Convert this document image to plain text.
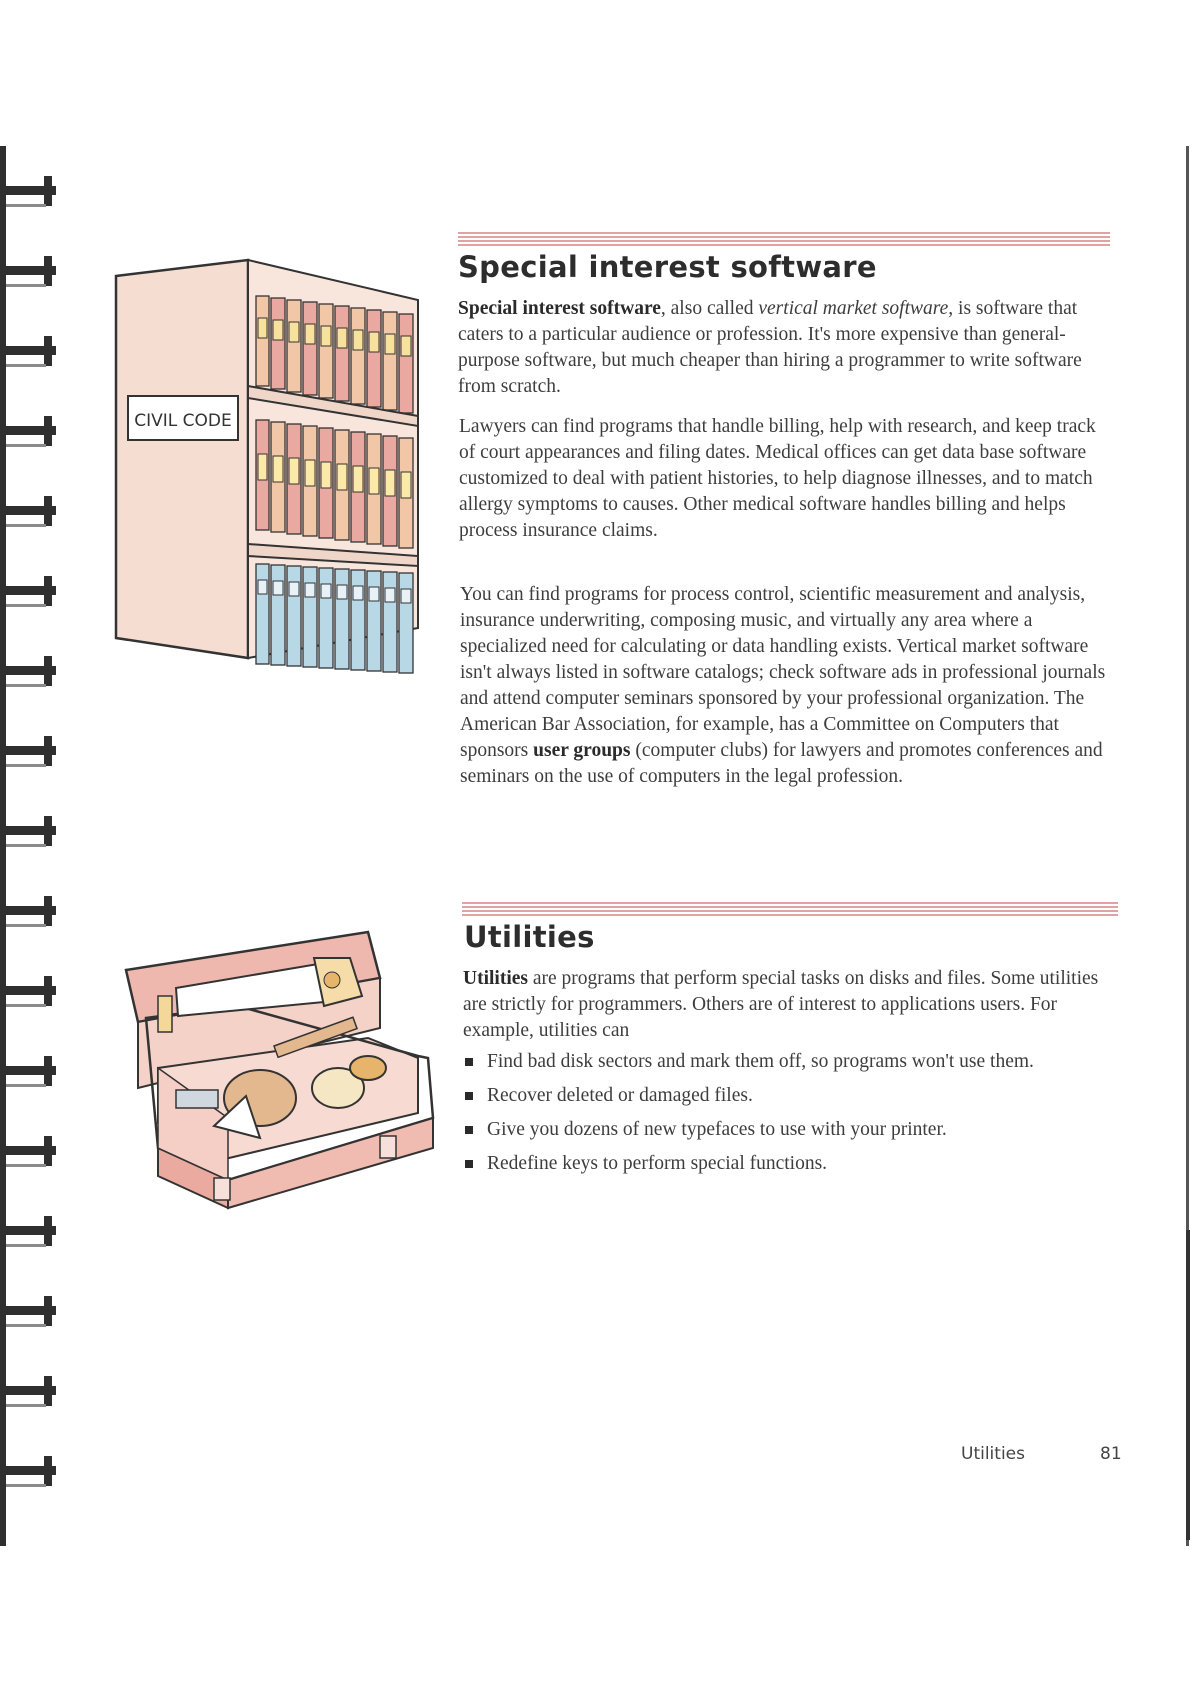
CIVIL CODE
Special interest software

Special interest software, also called vertical market software, is software that caters to a particular audience or profession. It's more expensive than general-purpose software, but much cheaper than hiring a programmer to write software from scratch.

Lawyers can find programs that handle billing, help with research, and keep track of court appearances and filing dates. Medical offices can get data base software customized to deal with patient histories, to help diagnose illnesses, and to match allergy symptoms to causes. Other medical software handles billing and helps process insurance claims.

You can find programs for process control, scientific measurement and analysis, insurance underwriting, composing music, and virtually any area where a specialized need for calculating or data handling exists. Vertical market software isn't always listed in software catalogs; check software ads in professional journals and attend computer seminars sponsored by your professional organization. The American Bar Association, for example, has a Committee on Computers that sponsors user groups (computer clubs) for lawyers and promotes conferences and seminars on the use of computers in the legal profession.

Utilities

Utilities are programs that perform special tasks on disks and files. Some utilities are strictly for programmers. Others are of interest to applications users. For example, utilities can

Find bad disk sectors and mark them off, so programs won't use them.
Recover deleted or damaged files.
Give you dozens of new typefaces to use with your printer.
Redefine keys to perform special functions.
Utilities	81
